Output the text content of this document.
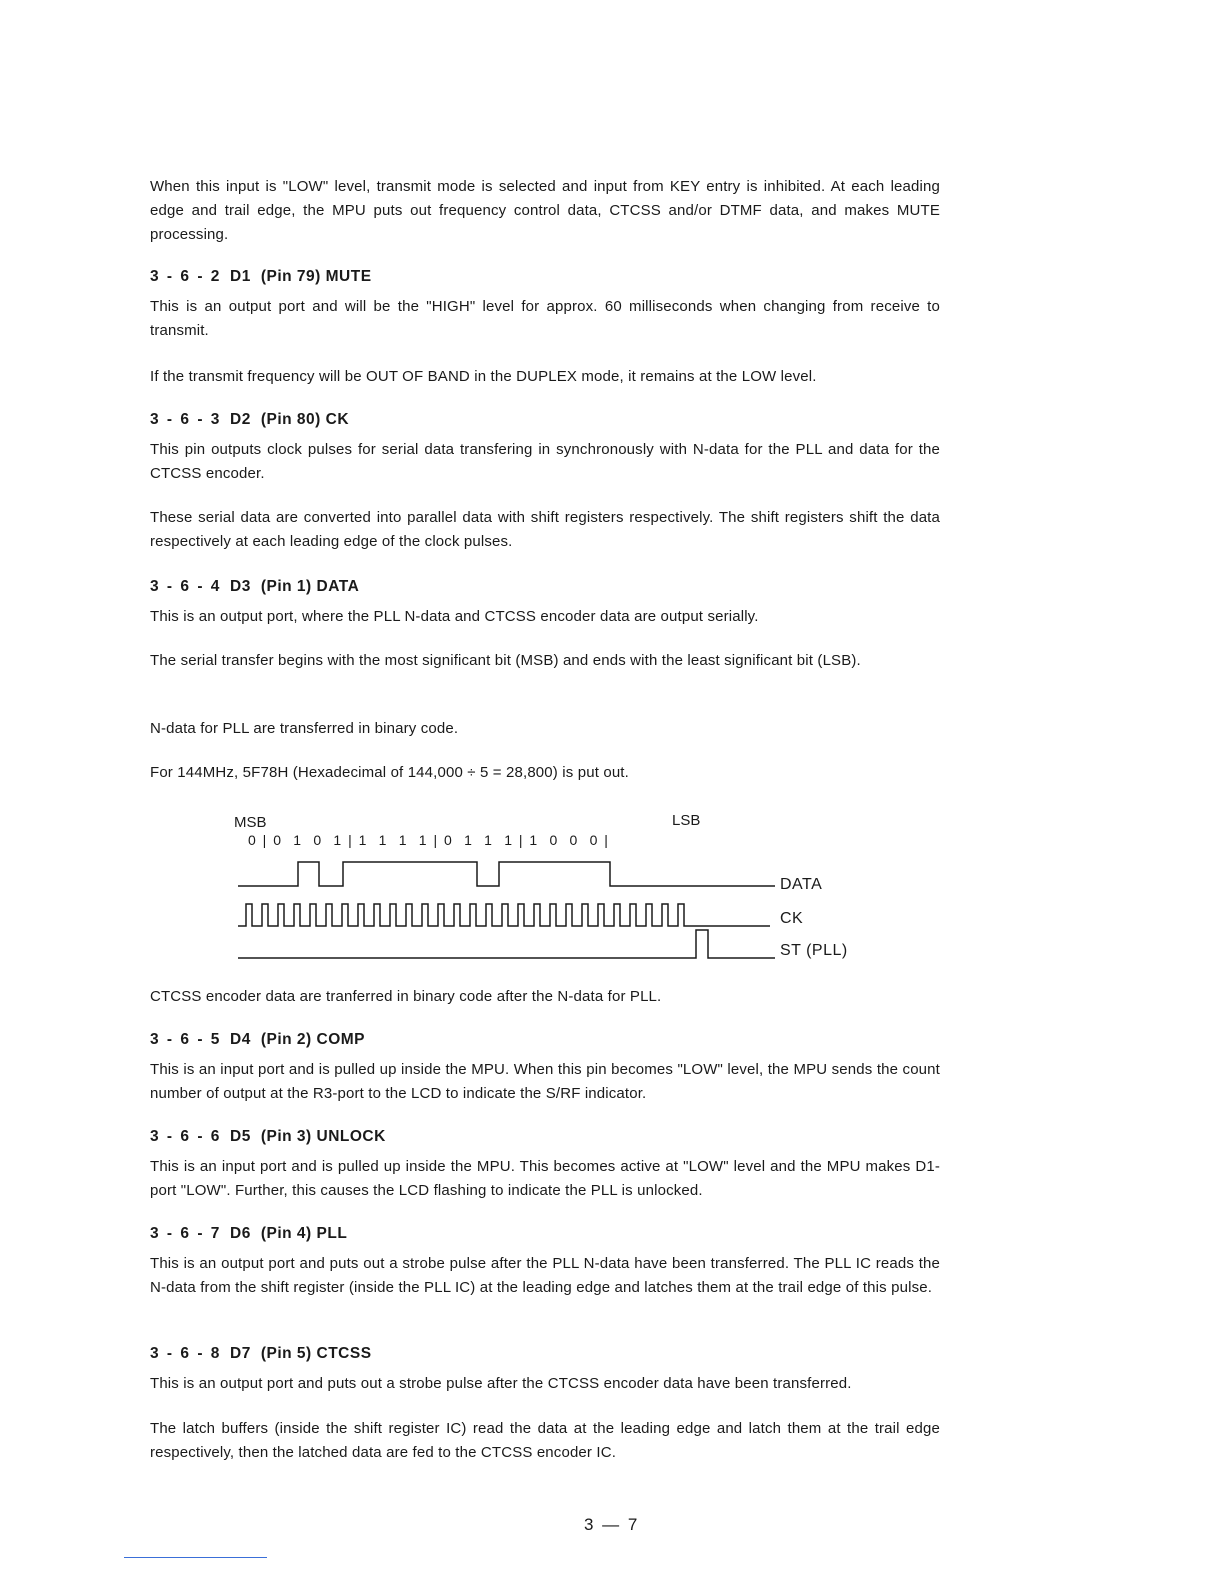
When this input is "LOW" level, transmit mode is selected and input from KEY entry is inhibited. At each leading edge and trail edge, the MPU puts out frequency control data, CTCSS and/or DTMF data, and makes MUTE processing.

3 - 6 - 2 D1 (Pin 79) MUTE

This is an output port and will be the "HIGH" level for approx. 60 milliseconds when changing from receive to transmit.

If the transmit frequency will be OUT OF BAND in the DUPLEX mode, it remains at the LOW level.

3 - 6 - 3 D2 (Pin 80) CK

This pin outputs clock pulses for serial data transfering in synchronously with N-data for the PLL and data for the CTCSS encoder.

These serial data are converted into parallel data with shift registers respectively. The shift registers shift the data respectively at each leading edge of the clock pulses.

3 - 6 - 4 D3 (Pin 1) DATA

This is an output port, where the PLL N-data and CTCSS encoder data are output serially.

The serial transfer begins with the most significant bit (MSB) and ends with the least significant bit (LSB).

N-data for PLL are transferred in binary code.

For 144MHz, 5F78H (Hexadecimal of 144,000 ÷ 5 = 28,800) is put out.

MSB	LSB
0 | 0  1  0  1 | 1  1  1  1 | 0  1  1  1 | 1  0  0  0 |
DATA
CK
ST (PLL)

CTCSS encoder data are tranferred in binary code after the N-data for PLL.

3 - 6 - 5 D4 (Pin 2) COMP

This is an input port and is pulled up inside the MPU. When this pin becomes "LOW" level, the MPU sends the count number of output at the R3-port to the LCD to indicate the S/RF indicator.

3 - 6 - 6 D5 (Pin 3) UNLOCK

This is an input port and is pulled up inside the MPU. This becomes active at "LOW" level and the MPU makes D1-port "LOW". Further, this causes the LCD flashing to indicate the PLL is unlocked.

3 - 6 - 7 D6 (Pin 4) PLL

This is an output port and puts out a strobe pulse after the PLL N-data have been transferred. The PLL IC reads the N-data from the shift register (inside the PLL IC) at the leading edge and latches them at the trail edge of this pulse.

3 - 6 - 8 D7 (Pin 5) CTCSS

This is an output port and puts out a strobe pulse after the CTCSS encoder data have been transferred.

The latch buffers (inside the shift register IC) read the data at the leading edge and latch them at the trail edge respectively, then the latched data are fed to the CTCSS encoder IC.

3 — 7
